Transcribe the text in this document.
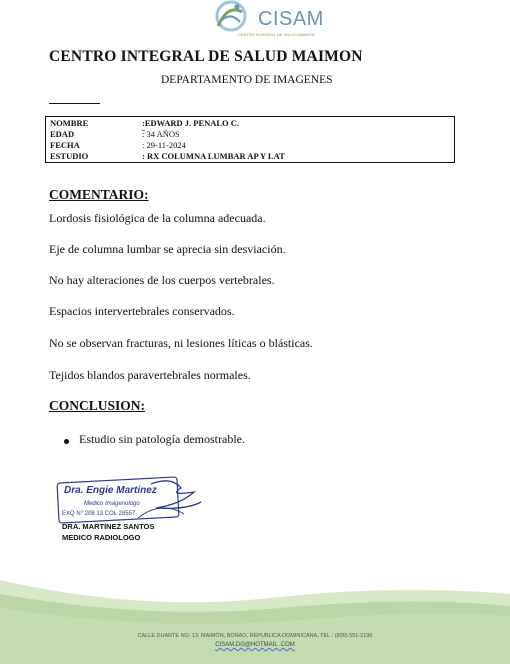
CISAM
CENTRO INTEGRAL DE SALUD MAIMÓN
CENTRO INTEGRAL DE SALUD MAIMON
DEPARTAMENTO DE IMAGENES
NOMBRE	:EDWARD J. PENALO C.
EDAD	: 34 AÑOS
FECHA	: 29-11-2024
ESTUDIO	: RX COLUMNA LUMBAR AP Y LAT
COMENTARIO:
Lordosis fisiológica de la columna adecuada.
Eje de columna lumbar se aprecia sin desviación.
No hay alteraciones de los cuerpos vertebrales.
Espacios intervertebrales conservados.
No se observan fracturas, ni lesiones líticas o blásticas.
Tejidos blandos paravertebrales normales.
CONCLUSION:
Estudio sin patología demostrable.
Dra. Engie Martinez
Medico Imagenologo
EXQ N° 208 13 COL 28557
DRA. MARTINEZ SANTOS
MEDICO RADIOLOGO
CALLE DUARTE NO. 13, MAIMÓN, BONAO, REPUBLICA DOMINICANA, TEL.: (809) 551-2196
CISAM.DG@HOTMAIL .COM
